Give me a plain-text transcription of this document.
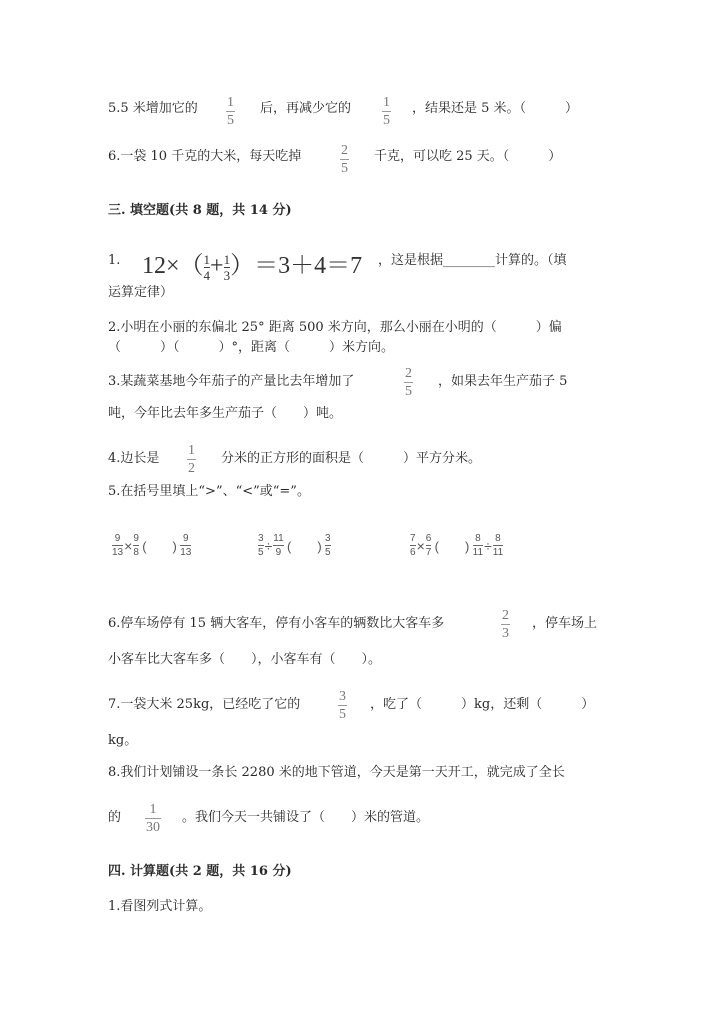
5.5 米增加它的 1
5
后，再减少它的 1
5
，结果还是 5 米。（　　　）
6.一袋 10 千克的大米，每天吃掉	2
5
千克，可以吃 25 天。（　　　）
三. 填空题(共 8 题，共 14 分)
1. $12\times( \frac{1}{4} + \frac{1}{3} )=3+4=7$ ，这是根据________计算的。（填
运算定律）
2.小明在小丽的东偏北 25° 距离 500 米方向，那么小丽在小明的（　　　）偏
（　　　）（　　　）°，距离（　　　）米方向。
3.某蔬菜基地今年茄子的产量比去年增加了
2
5
，如果去年生产茄子 5
吨，今年比去年多生产茄子（　　）吨。
4.边长是
1
2
分米的正方形的面积是（　　　）平方分米。
5.在括号里填上“>”、“<”或“=”。
$\frac{9}{13} \times \frac{9}{8}$ (　　) $\frac{9}{13}$	$\frac{3}{5} \div \frac{11}{9}$ (　　) $\frac{3}{5}$	$\frac{7}{6} \times \frac{6}{7}$ (　　) $\frac{8}{11} \div \frac{8}{11}$
6.停车场停有 15 辆大客车，停有小客车的辆数比大客车多
2
3
，停车场上
小客车比大客车多（　　），小客车有（　　）。
7.一袋大米 25kg，已经吃了它的
3
5
，吃了（　　　）kg，还剩（　　　）
kg。
8.我们计划铺设一条长 2280 米的地下管道，今天是第一天开工，就完成了全长
的
1
30
。我们今天一共铺设了（　　）米的管道。
四. 计算题(共 2 题，共 16 分)
1.看图列式计算。
